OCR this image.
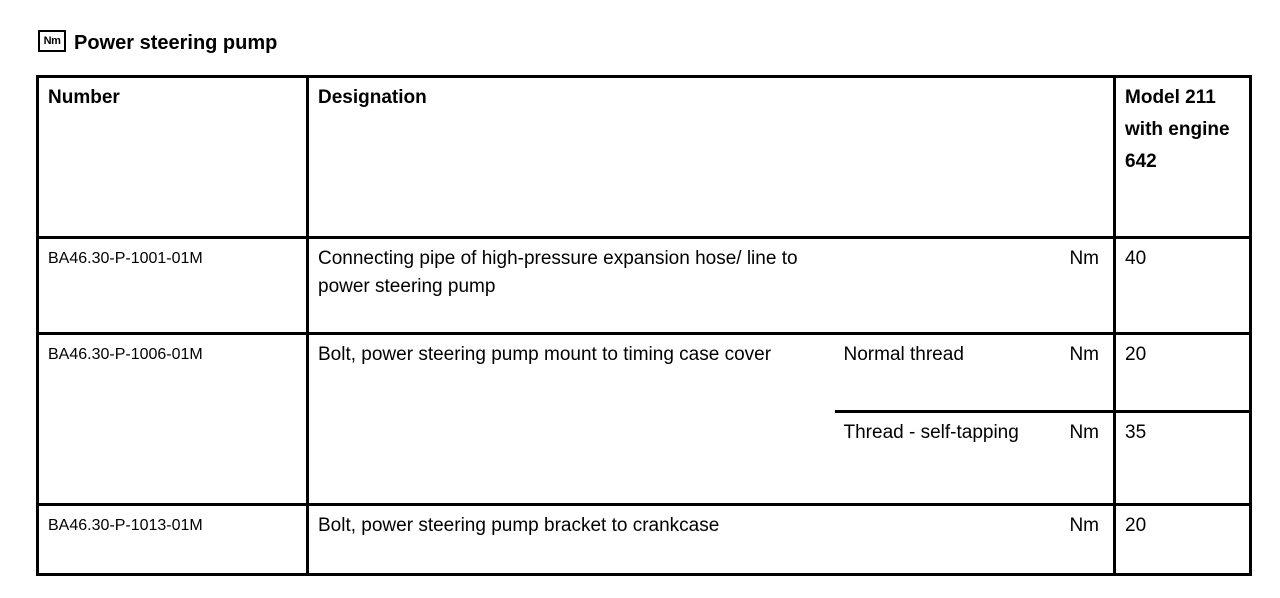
Nm Power steering pump
Number	Designation			Model 211 with engine 642
BA46.30-P-1001-01M	Connecting pipe of high-pressure expansion hose/ line to power steering pump		Nm	40
BA46.30-P-1006-01M	Bolt, power steering pump mount to timing case cover	Normal thread	Nm	20
		Thread - self-tapping	Nm	35
BA46.30-P-1013-01M	Bolt, power steering pump bracket to crankcase		Nm	20
